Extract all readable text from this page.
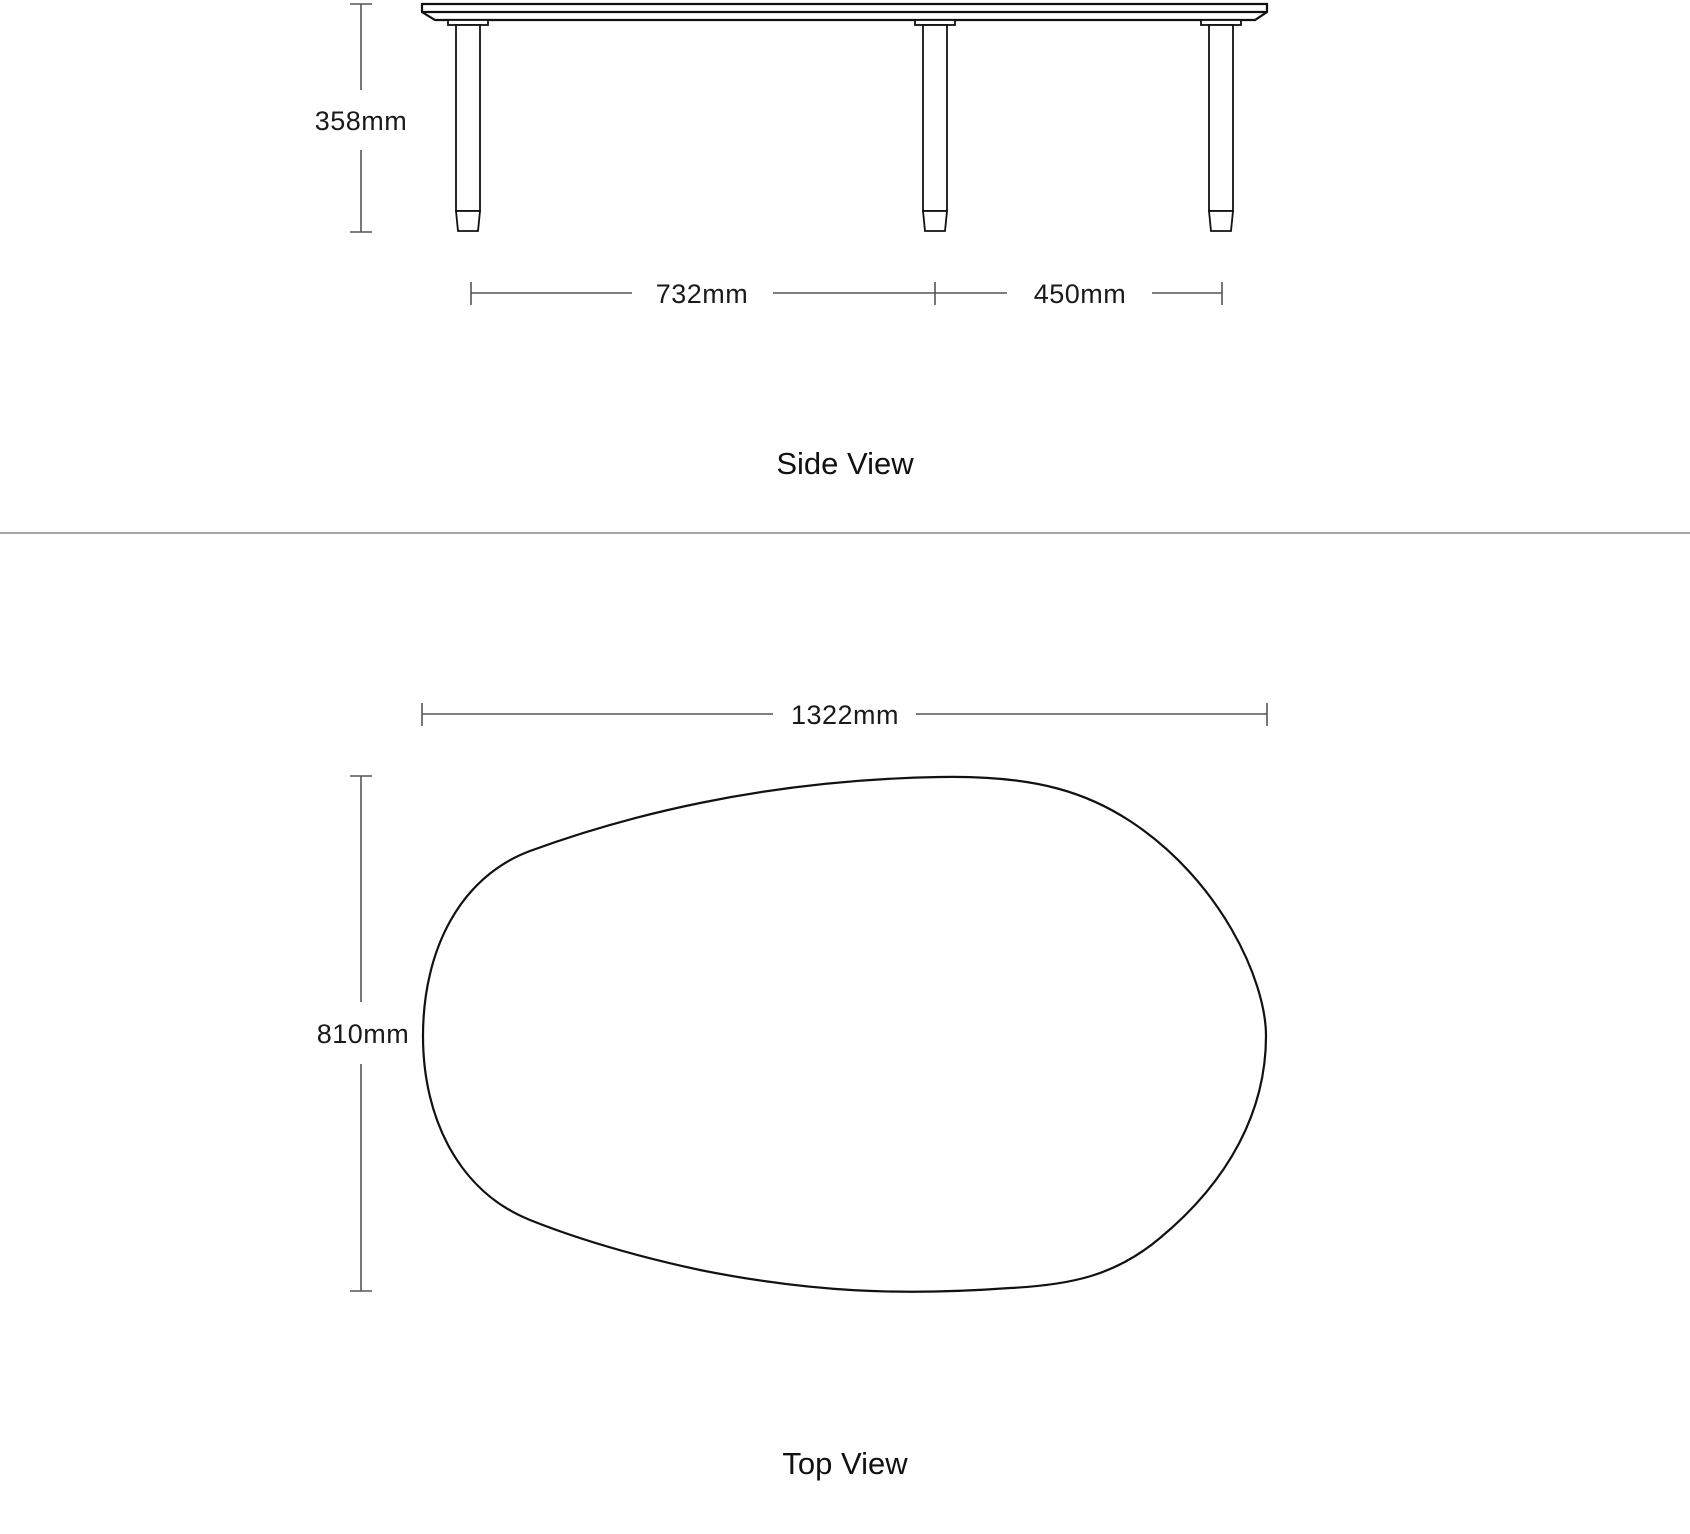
358mm
732mm	450mm
Side View
1322mm
810mm
Top View
